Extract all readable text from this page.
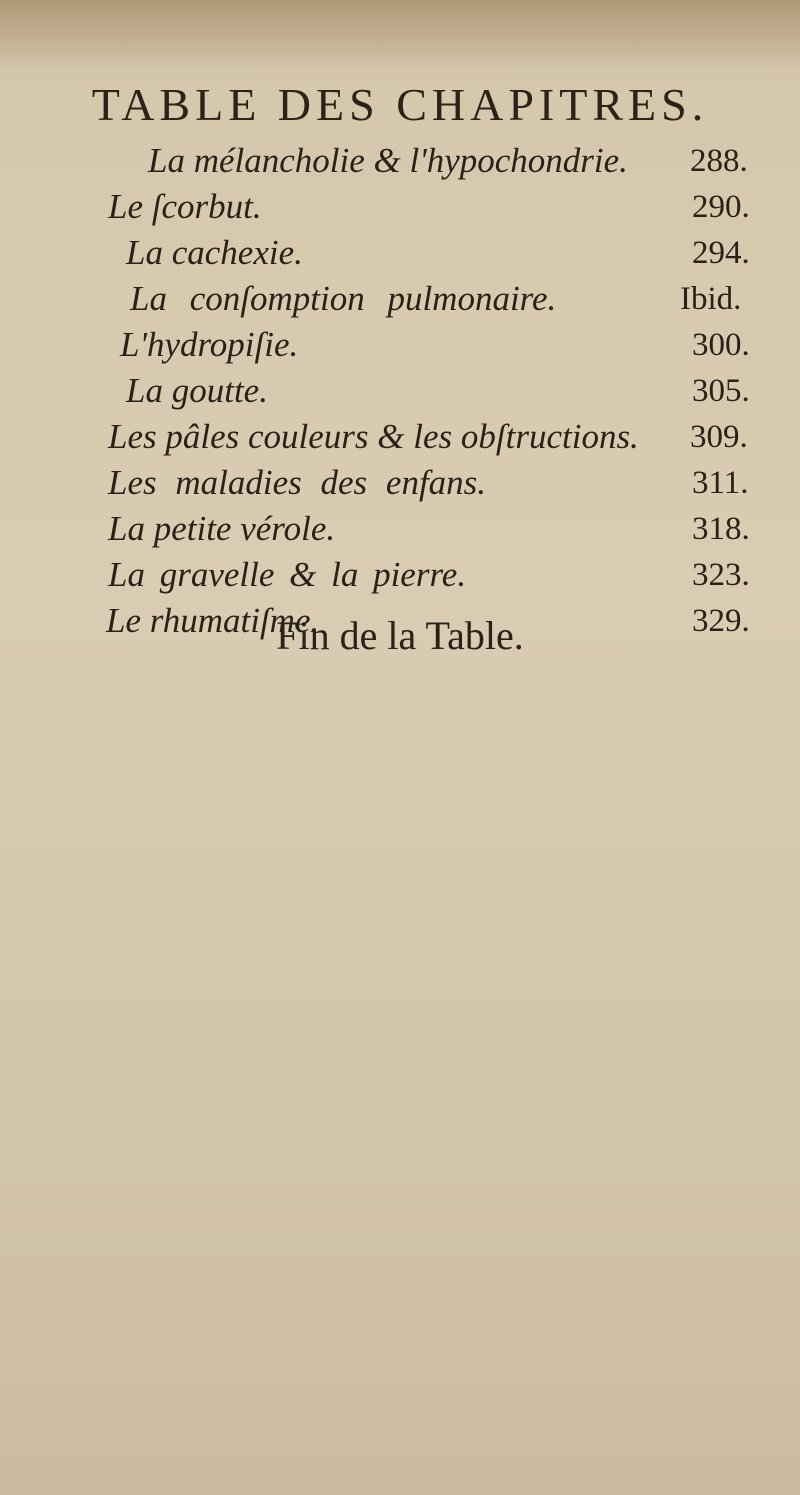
TABLE DES CHAPITRES.
La mélancholie & l'hypochondrie. 288.
Le ſcorbut.	290.
La cachexie.	294.
La conſomption pulmonaire.	Ibid.
L'hydropiſie.	300.
La goutte.	305.
Les pâles couleurs & les obſtructions. 309.
Les maladies des enfans.	311.
La petite vérole.	318.
La gravelle & la pierre.	323.
Le rhumatiſme.	329.

Fin de la Table.
